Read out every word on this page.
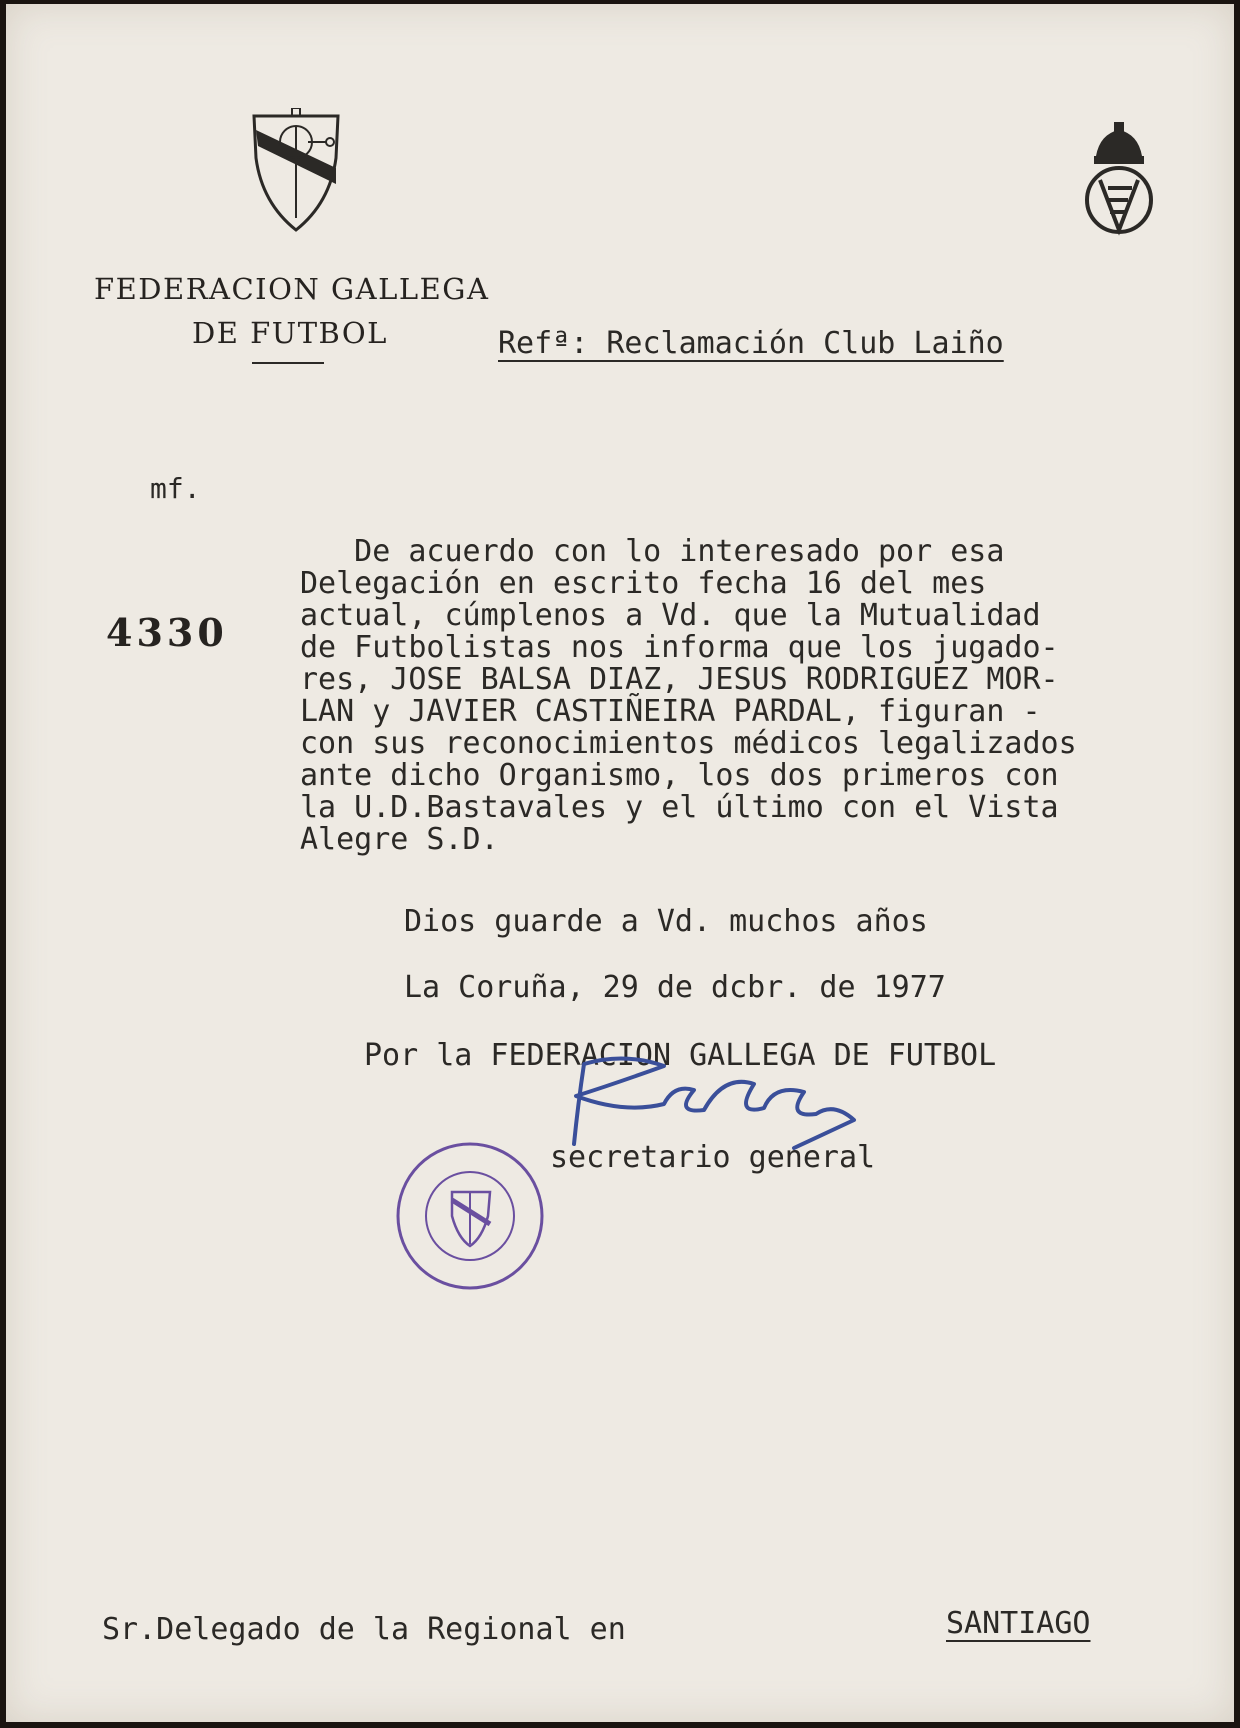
FEDERACION GALLEGA
DE FUTBOL	Refª: Reclamación Club Laiño
mf.
4330
De acuerdo con lo interesado por esa
Delegación en escrito fecha 16 del mes
actual, cúmplenos a Vd. que la Mutualidad
de Futbolistas nos informa que los jugado-
res, JOSE BALSA DIAZ, JESUS RODRIGUEZ MOR-
LAN y JAVIER CASTIÑEIRA PARDAL, figuran -
con sus reconocimientos médicos legalizados
ante dicho Organismo, los dos primeros con
la U.D.Bastavales y el último con el Vista
Alegre S.D.
Dios guarde a Vd. muchos años
La Coruña, 29 de dcbr. de 1977
Por la FEDERACION GALLEGA DE FUTBOL
secretario general
Sr.Delegado de la Regional en	SANTIAGO
